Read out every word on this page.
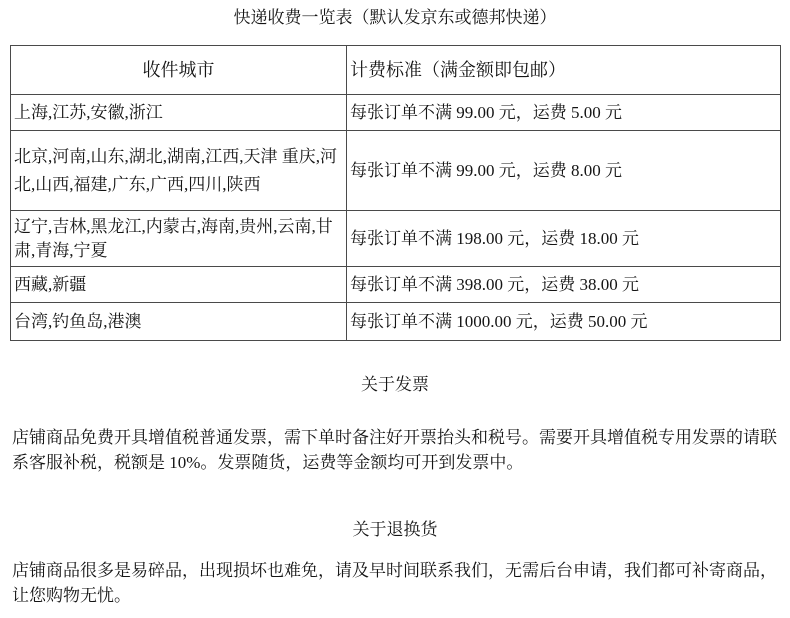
快递收费一览表（默认发京东或德邦快递）
收件城市	计费标准（满金额即包邮）
上海,江苏,安徽,浙江	每张订单不满 99.00 元，运费 5.00 元
北京,河南,山东,湖北,湖南,江西,天津 重庆,河北,山西,福建,广东,广西,四川,陕西	每张订单不满 99.00 元，运费 8.00 元
辽宁,吉林,黑龙江,内蒙古,海南,贵州,云南,甘肃,青海,宁夏	每张订单不满 198.00 元，运费 18.00 元
西藏,新疆	每张订单不满 398.00 元，运费 38.00 元
台湾,钓鱼岛,港澳	每张订单不满 1000.00 元，运费 50.00 元
关于发票
店铺商品免费开具增值税普通发票，需下单时备注好开票抬头和税号。需要开具增值税专用发票的请联系客服补税，税额是 10%。发票随货，运费等金额均可开到发票中。
关于退换货
店铺商品很多是易碎品，出现损坏也难免，请及早时间联系我们，无需后台申请，我们都可补寄商品，让您购物无忧。
